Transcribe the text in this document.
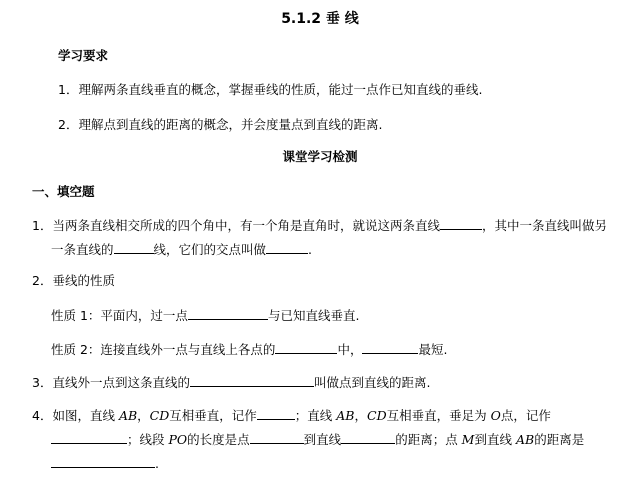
5.1.2 垂 线
学习要求
1．理解两条直线垂直的概念，掌握垂线的性质，能过一点作已知直线的垂线.
2．理解点到直线的距离的概念，并会度量点到直线的距离.
课堂学习检测
一、填空题
1．当两条直线相交所成的四个角中，有一个角是直角时，就说这两条直线	，其中一条直线叫做另
一条直线的	线，它们的交点叫做	.
2．垂线的性质
性质 1：平面内，过一点	与已知直线垂直.
性质 2：连接直线外一点与直线上各点的	中，	最短.
3．直线外一点到这条直线的	叫做点到直线的距离.
4．如图，直线 AB，CD互相垂直，记作	；直线 AB，CD互相垂直，垂足为 O点，记作
；线段 PO的长度是点	到直线	的距离；点 M到直线 AB的距离是
.
